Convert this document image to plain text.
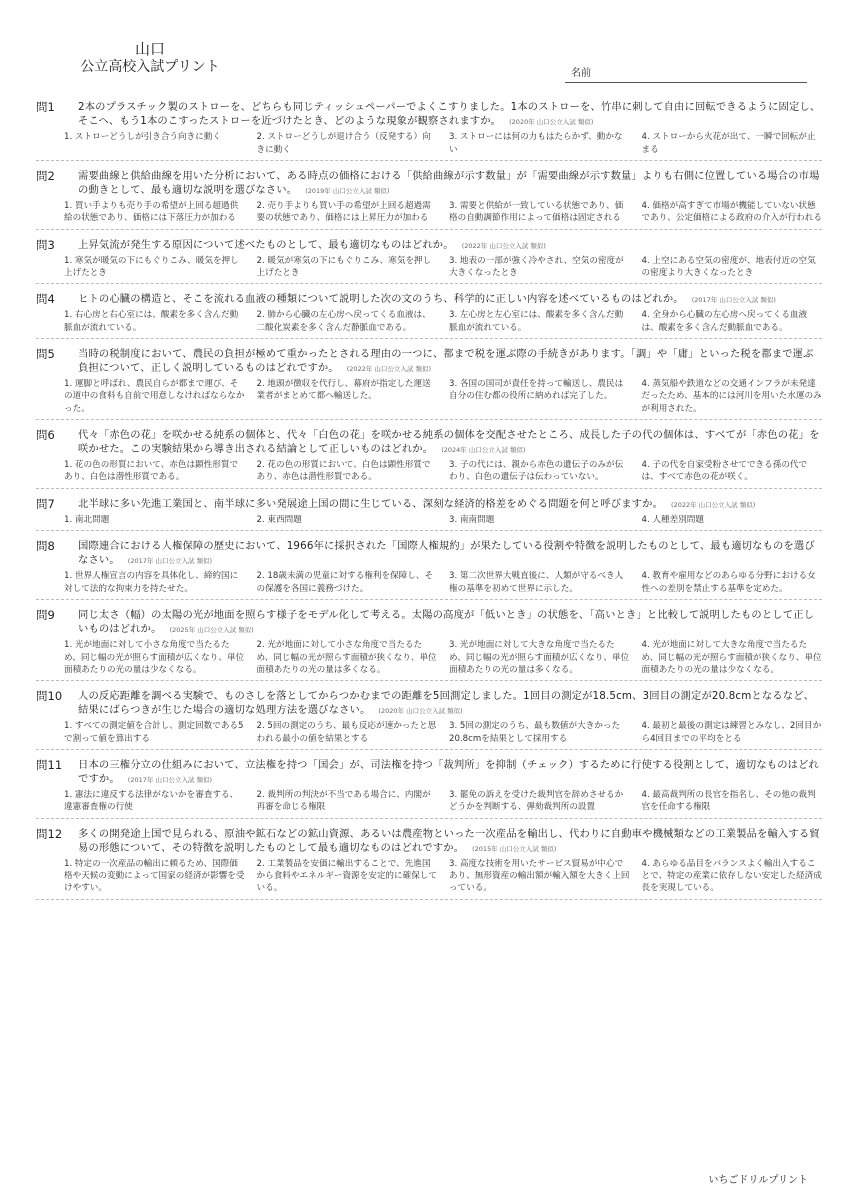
山口
公立高校入試プリント	名前
問1	2本のプラスチック製のストローを、どちらも同じティッシュペーパーでよくこすりました。1本のストローを、竹串に刺して自由に回転できるように固定し、そこへ、もう1本のこすったストローを近づけたとき、どのような現象が観察されますか。 (2020年 山口公立入試 類似)
1. ストローどうしが引き合う向きに動く	2. ストローどうしが退け合う（反発する）向きに動く
3. ストローには何の力もはたらかず、動かない
4. ストローから火花が出て、一瞬で回転が止まる
問2	需要曲線と供給曲線を用いた分析において、ある時点の価格における「供給曲線が示す数量」が「需要曲線が示す数量」よりも右側に位置している場合の市場の動きとして、最も適切な説明を選びなさい。 (2019年 山口公立入試 類似)
1. 買い手よりも売り手の希望が上回る超過供給の状態であり、価格には下落圧力が加わる
2. 売り手よりも買い手の希望が上回る超過需要の状態であり、価格には上昇圧力が加わる
3. 需要と供給が一致している状態であり、価格の自動調節作用によって価格は固定される
4. 価格が高すぎて市場が機能していない状態であり、公定価格による政府の介入が行われる
問3	上昇気流が発生する原因について述べたものとして、最も適切なものはどれか。 (2022年 山口公立入試 類似)
1. 寒気が暖気の下にもぐりこみ、暖気を押し上げたとき
2. 暖気が寒気の下にもぐりこみ、寒気を押し上げたとき
3. 地表の一部が強く冷やされ、空気の密度が大きくなったとき
4. 上空にある空気の密度が、地表付近の空気の密度より大きくなったとき
問4	ヒトの心臓の構造と、そこを流れる血液の種類について説明した次の文のうち、科学的に正しい内容を述べているものはどれか。 (2017年 山口公立入試 類似)
1. 右心房と右心室には、酸素を多く含んだ動脈血が流れている。
2. 肺から心臓の左心房へ戻ってくる血液は、二酸化炭素を多く含んだ静脈血である。
3. 左心房と左心室には、酸素を多く含んだ動脈血が流れている。
4. 全身から心臓の左心房へ戻ってくる血液は、酸素を多く含んだ動脈血である。
問5	当時の税制度において、農民の負担が極めて重かったとされる理由の一つに、都まで税を運ぶ際の手続きがあります。「調」や「庸」といった税を都まで運ぶ負担について、正しく説明しているものはどれですか。 (2022年 山口公立入試 類似)
1. 運脚と呼ばれ、農民自らが都まで運び、その道中の食料も自前で用意しなければならなかった。
2. 地頭が徴収を代行し、幕府が指定した運送業者がまとめて都へ輸送した。
3. 各国の国司が責任を持って輸送し、農民は自分の住む都の役所に納めれば完了した。
4. 蒸気船や鉄道などの交通インフラが未発達だったため、基本的には河川を用いた水運のみが利用された。
問6	代々「赤色の花」を咲かせる純系の個体と、代々「白色の花」を咲かせる純系の個体を交配させたところ、成長した子の代の個体は、すべてが「赤色の花」を咲かせた。この実験結果から導き出される結論として正しいものはどれか。 (2024年 山口公立入試 類似)
1. 花の色の形質において、赤色は顕性形質であり、白色は潜性形質である。
2. 花の色の形質において、白色は顕性形質であり、赤色は潜性形質である。
3. 子の代には、親から赤色の遺伝子のみが伝わり、白色の遺伝子は伝わっていない。
4. 子の代を自家受粉させてできる孫の代では、すべて赤色の花が咲く。
問7	北半球に多い先進工業国と、南半球に多い発展途上国の間に生じている、深刻な経済的格差をめぐる問題を何と呼びますか。 (2022年 山口公立入試 類似)
1. 南北問題	2. 東西問題	3. 南南問題	4. 人種差別問題
問8	国際連合における人権保障の歴史において、1966年に採択された「国際人権規約」が果たしている役割や特徴を説明したものとして、最も適切なものを選びなさい。 (2017年 山口公立入試 類似)
1. 世界人権宣言の内容を具体化し、締約国に対して法的な拘束力を持たせた。
2. 18歳未満の児童に対する権利を保障し、その保護を各国に義務づけた。
3. 第二次世界大戦直後に、人類が守るべき人権の基準を初めて世界に示した。
4. 教育や雇用などのあらゆる分野における女性への差別を禁止する基準を定めた。
問9	同じ太さ（幅）の太陽の光が地面を照らす様子をモデル化して考える。太陽の高度が「低いとき」の状態を、「高いとき」と比較して説明したものとして正しいものはどれか。 (2025年 山口公立入試 類似)
1. 光が地面に対して小さな角度で当たるため、同じ幅の光が照らす面積が広くなり、単位面積あたりの光の量は少なくなる。
2. 光が地面に対して小さな角度で当たるため、同じ幅の光が照らす面積が狭くなり、単位面積あたりの光の量は多くなる。
3. 光が地面に対して大きな角度で当たるため、同じ幅の光が照らす面積が広くなり、単位面積あたりの光の量は多くなる。
4. 光が地面に対して大きな角度で当たるため、同じ幅の光が照らす面積が狭くなり、単位面積あたりの光の量は少なくなる。
問10	人の反応距離を調べる実験で、ものさしを落としてからつかむまでの距離を5回測定しました。1回目の測定が18.5cm、3回目の測定が20.8cmとなるなど、結果にばらつきが生じた場合の適切な処理方法を選びなさい。 (2020年 山口公立入試 類似)
1. すべての測定値を合計し、測定回数である5で割って値を算出する
2. 5回の測定のうち、最も反応が速かったと思われる最小の値を結果とする
3. 5回の測定のうち、最も数値が大きかった20.8cmを結果として採用する
4. 最初と最後の測定は練習とみなし、2回目から4回目までの平均をとる
問11	日本の三権分立の仕組みにおいて、立法権を持つ「国会」が、司法権を持つ「裁判所」を抑制（チェック）するために行使する役割として、適切なものはどれですか。 (2017年 山口公立入試 類似)
1. 憲法に違反する法律がないかを審査する、違憲審査権の行使
2. 裁判所の判決が不当である場合に、内閣が再審を命じる権限
3. 罷免の訴えを受けた裁判官を辞めさせるかどうかを判断する、弾劾裁判所の設置
4. 最高裁判所の長官を指名し、その他の裁判官を任命する権限
問12	多くの開発途上国で見られる、原油や鉱石などの鉱山資源、あるいは農産物といった一次産品を輸出し、代わりに自動車や機械類などの工業製品を輸入する貿易の形態について、その特徴を説明したものとして最も適切なものはどれですか。 (2015年 山口公立入試 類似)
1. 特定の一次産品の輸出に頼るため、国際価格や天候の変動によって国家の経済が影響を受けやすい。
2. 工業製品を安価に輸出することで、先進国から食料やエネルギー資源を安定的に確保している。
3. 高度な技術を用いたサービス貿易が中心であり、無形資産の輸出額が輸入額を大きく上回っている。
4. あらゆる品目をバランスよく輸出入することで、特定の産業に依存しない安定した経済成長を実現している。
いちごドリルプリント
